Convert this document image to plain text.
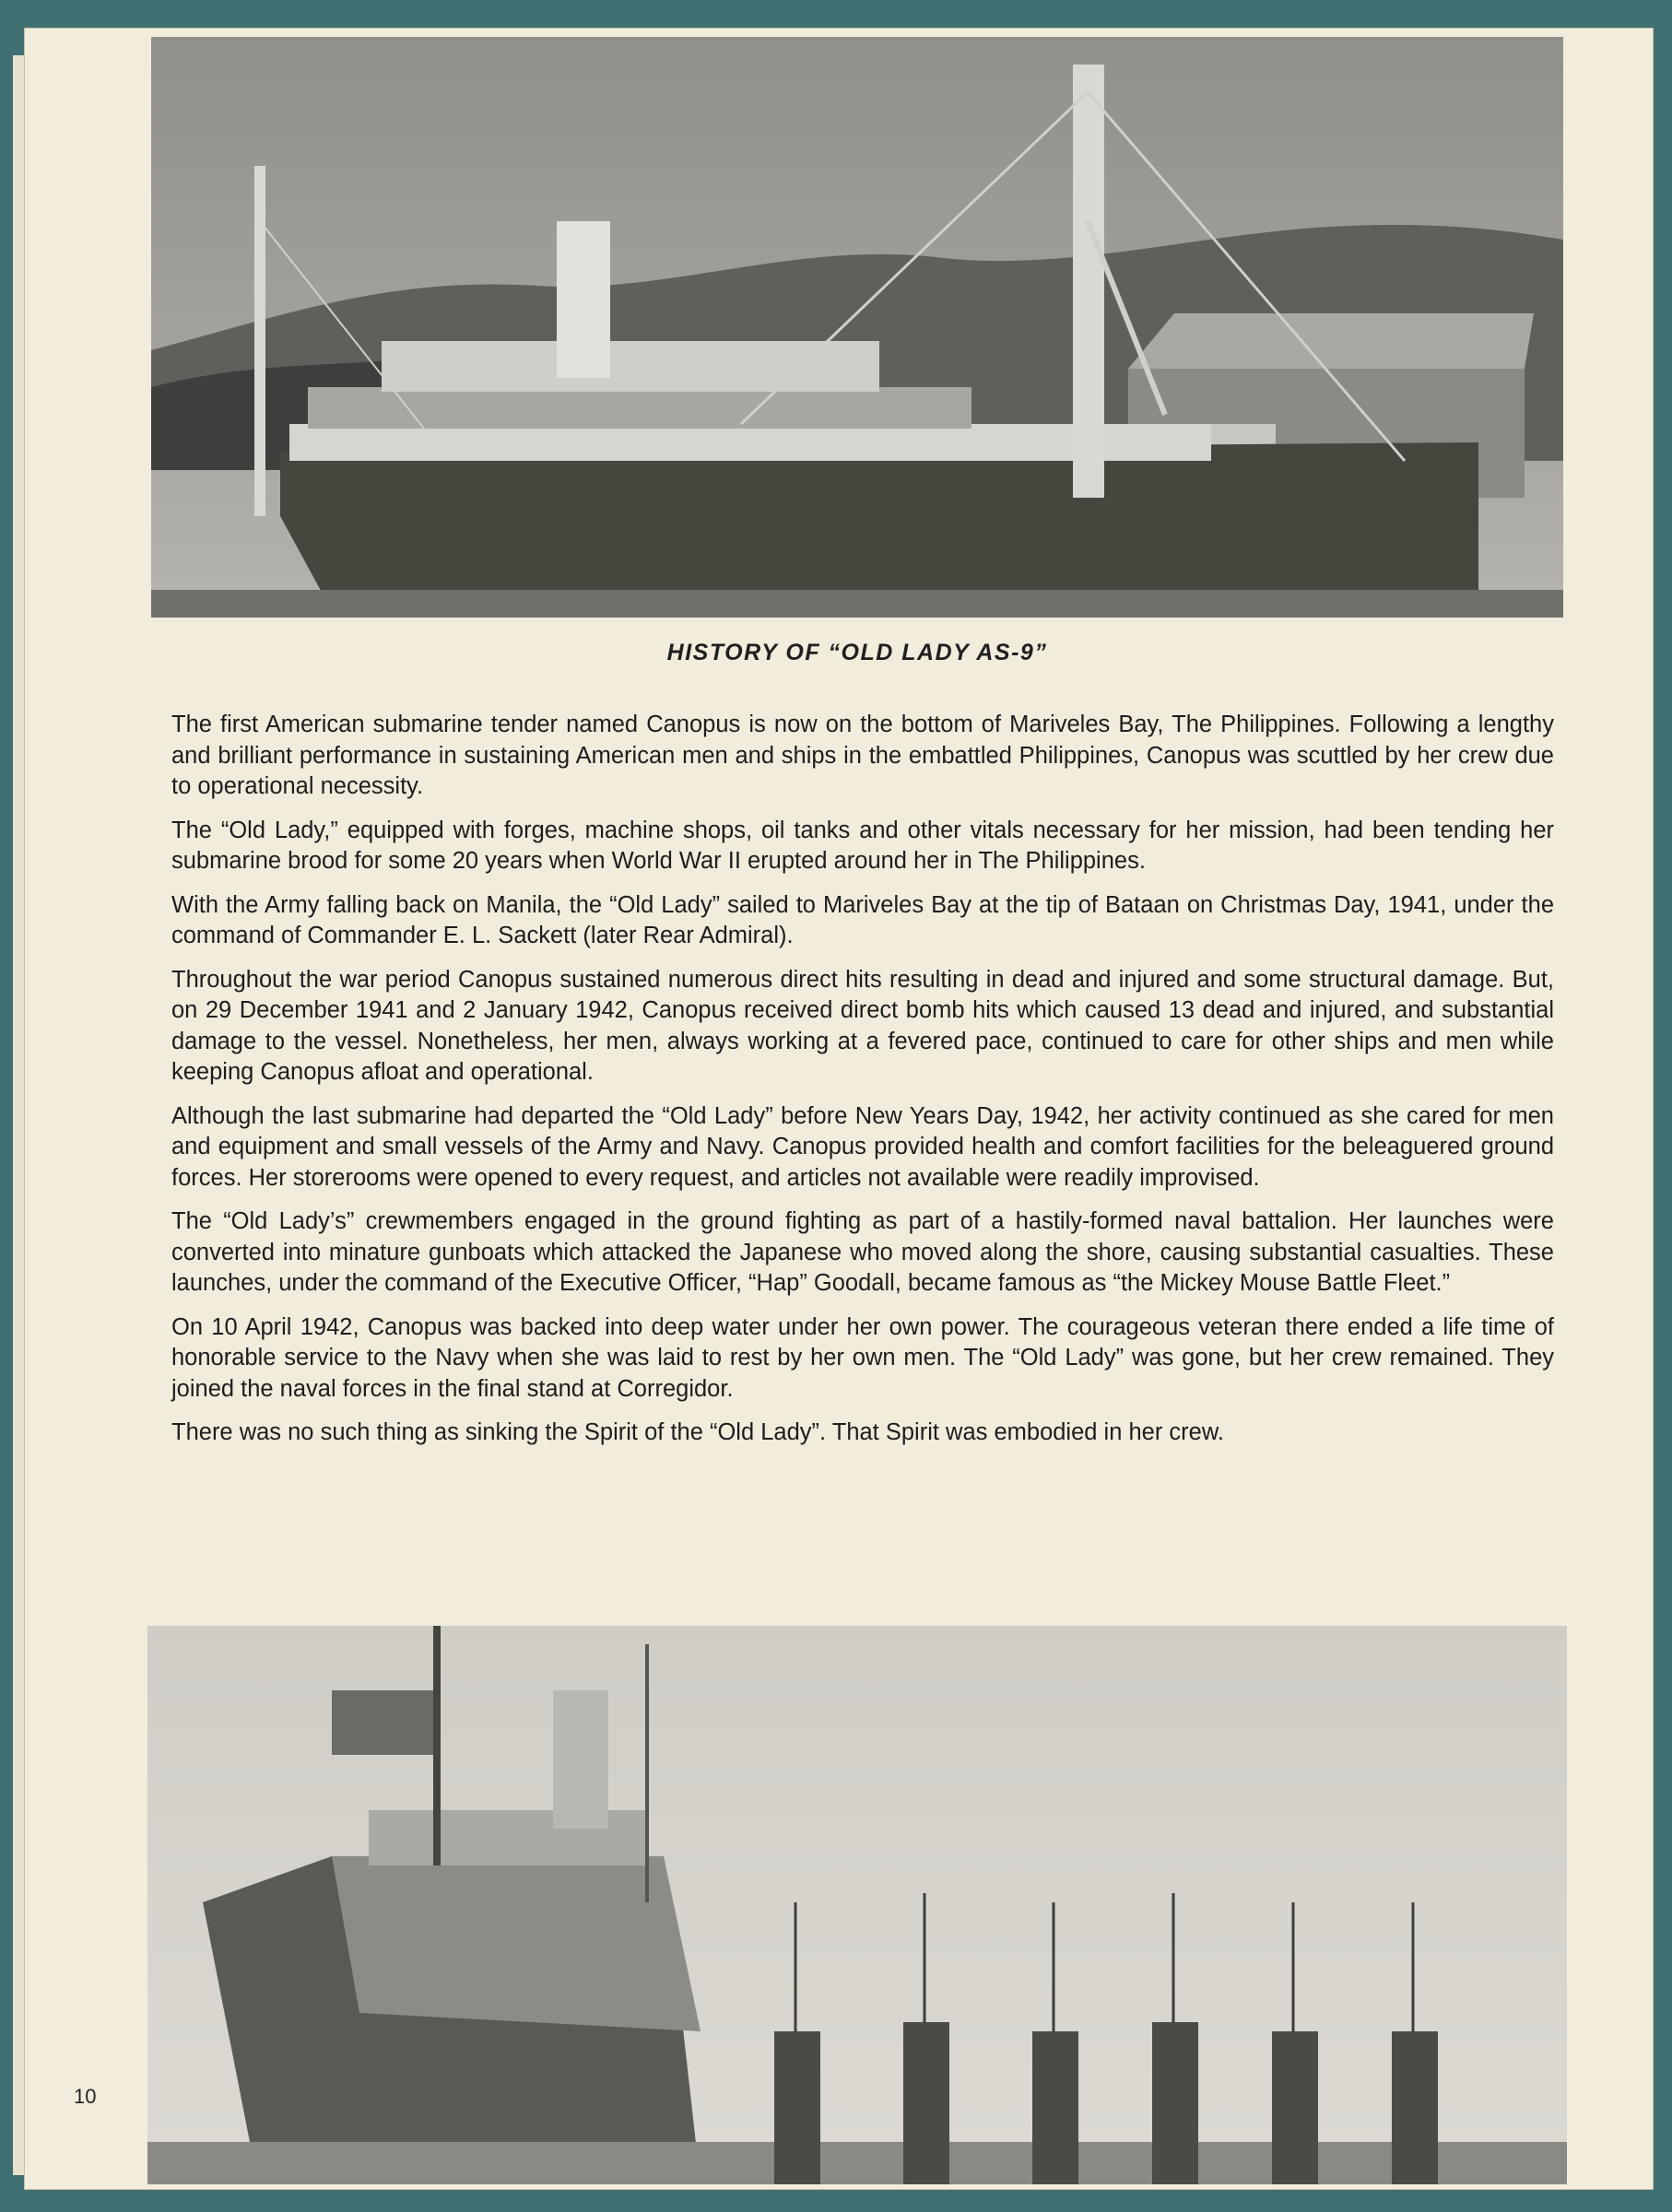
HISTORY OF “OLD LADY AS-9”

The first American submarine tender named Canopus is now on the bottom of Mariveles Bay, The Philippines. Following a lengthy and brilliant performance in sustaining American men and ships in the embattled Philippines, Canopus was scuttled by her crew due to operational necessity.

The “Old Lady,” equipped with forges, machine shops, oil tanks and other vitals necessary for her mission, had been tending her submarine brood for some 20 years when World War II erupted around her in The Philippines.

With the Army falling back on Manila, the “Old Lady” sailed to Mariveles Bay at the tip of Bataan on Christmas Day, 1941, under the command of Commander E. L. Sackett (later Rear Admiral).

Throughout the war period Canopus sustained numerous direct hits resulting in dead and injured and some structural damage. But, on 29 December 1941 and 2 January 1942, Canopus received direct bomb hits which caused 13 dead and injured, and substantial damage to the vessel. Nonetheless, her men, always working at a fevered pace, continued to care for other ships and men while keeping Canopus afloat and operational.

Although the last submarine had departed the “Old Lady” before New Years Day, 1942, her activity continued as she cared for men and equipment and small vessels of the Army and Navy. Canopus provided health and comfort facilities for the beleaguered ground forces. Her storerooms were opened to every request, and articles not available were readily improvised.

The “Old Lady’s” crewmembers engaged in the ground fighting as part of a hastily-formed naval battalion. Her launches were converted into minature gunboats which attacked the Japanese who moved along the shore, causing substantial casualties. These launches, under the command of the Executive Officer, “Hap” Goodall, became famous as “the Mickey Mouse Battle Fleet.”

On 10 April 1942, Canopus was backed into deep water under her own power. The courageous veteran there ended a life time of honorable service to the Navy when she was laid to rest by her own men. The “Old Lady” was gone, but her crew remained. They joined the naval forces in the final stand at Corregidor.

There was no such thing as sinking the Spirit of the “Old Lady”. That Spirit was embodied in her crew.

10
